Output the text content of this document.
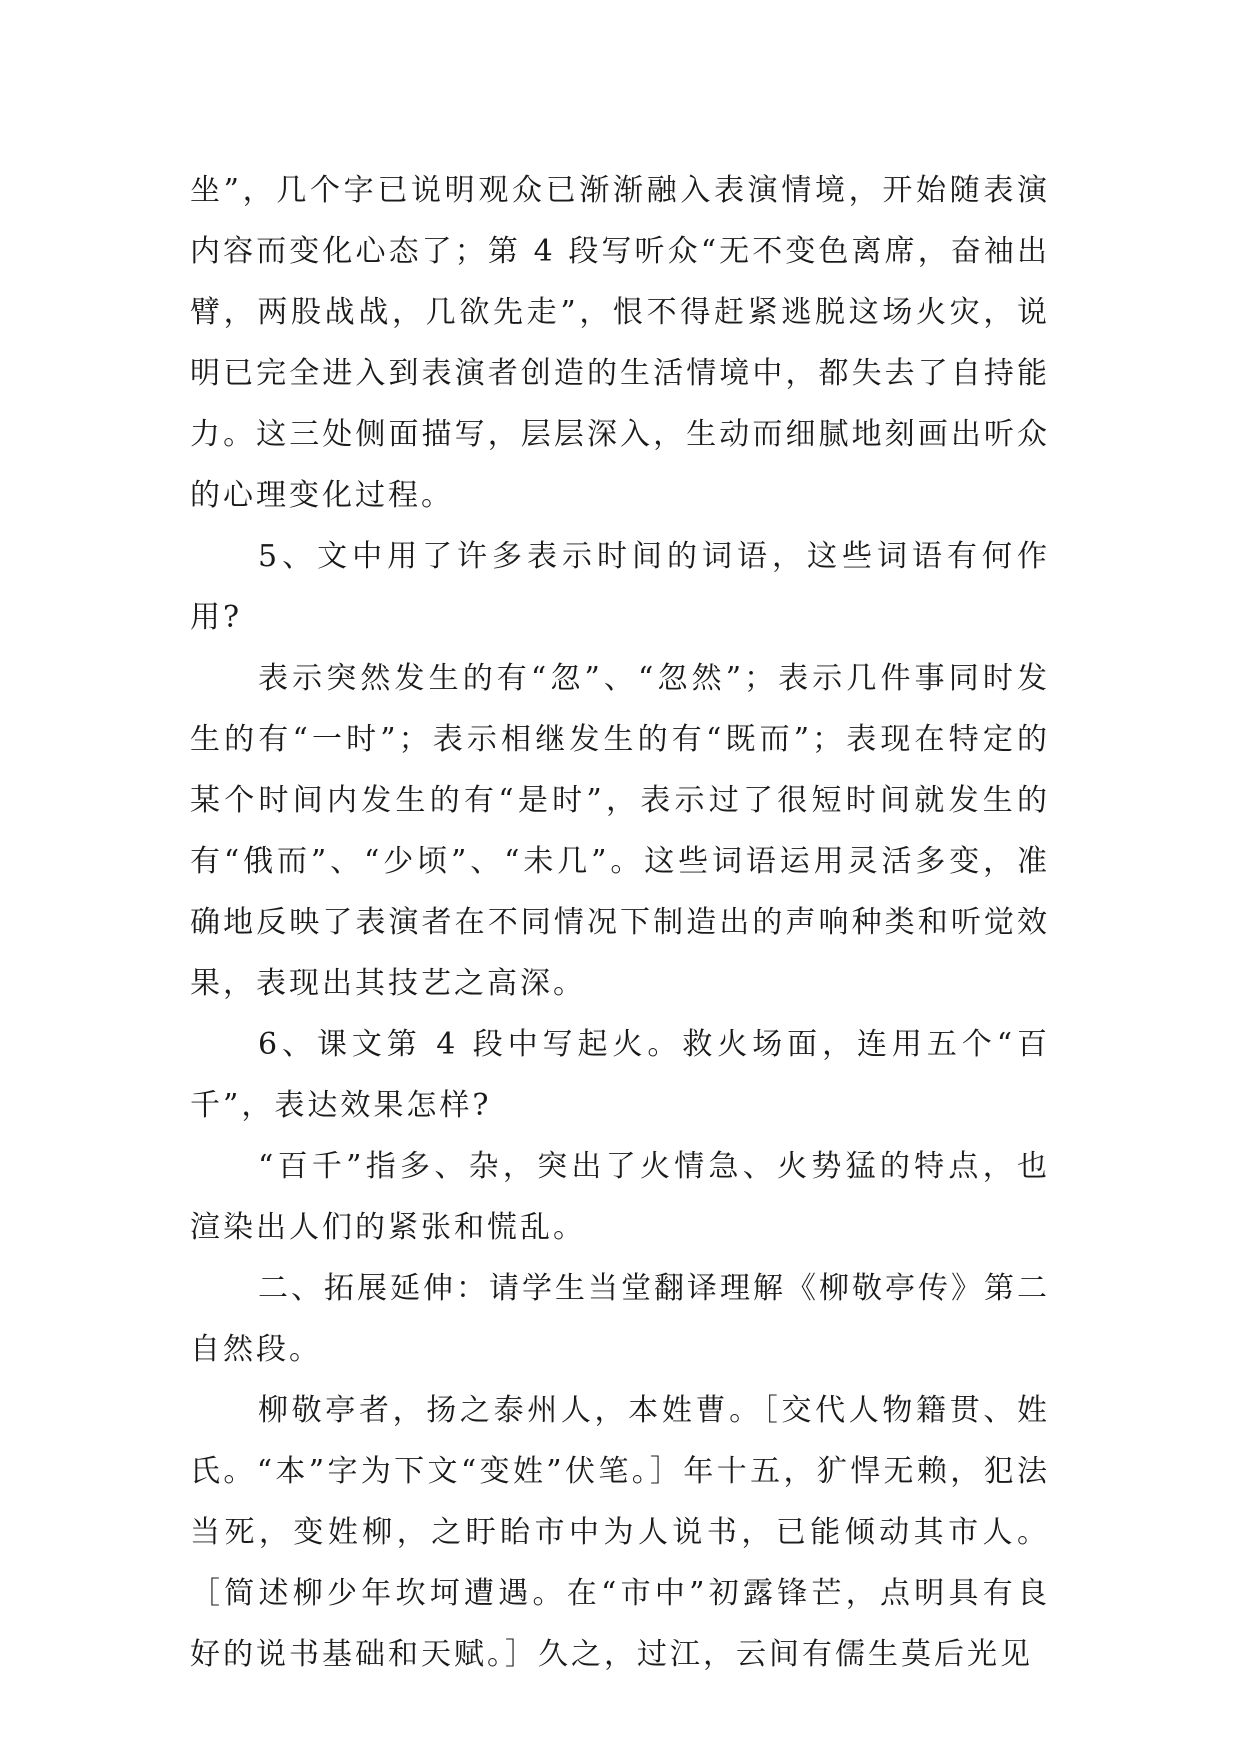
坐”，几个字已说明观众已渐渐融入表演情境，开始随表演内容而变化心态了；第 4 段写听众“无不变色离席，奋袖出臂，两股战战，几欲先走”，恨不得赶紧逃脱这场火灾，说明已完全进入到表演者创造的生活情境中，都失去了自持能力。这三处侧面描写，层层深入，生动而细腻地刻画出听众的心理变化过程。

5、文中用了许多表示时间的词语，这些词语有何作用?

表示突然发生的有“忽”、“忽然”；表示几件事同时发生的有“一时”；表示相继发生的有“既而”；表现在特定的某个时间内发生的有“是时”，表示过了很短时间就发生的有“俄而”、“少顷”、“未几”。这些词语运用灵活多变，准确地反映了表演者在不同情况下制造出的声响种类和听觉效果，表现出其技艺之高深。

6、课文第 4 段中写起火。救火场面，连用五个“百千”，表达效果怎样?

“百千”指多、杂，突出了火情急、火势猛的特点，也渲染出人们的紧张和慌乱。

二、拓展延伸：请学生当堂翻译理解《柳敬亭传》第二自然段。

柳敬亭者，扬之泰州人，本姓曹。［交代人物籍贯、姓氏。“本”字为下文“变姓”伏笔。］年十五，犷悍无赖，犯法当死，变姓柳，之盱眙市中为人说书，已能倾动其市人。［简述柳少年坎坷遭遇。在“市中”初露锋芒，点明具有良好的说书基础和天赋。］久之，过江，云间有儒生莫后光见
